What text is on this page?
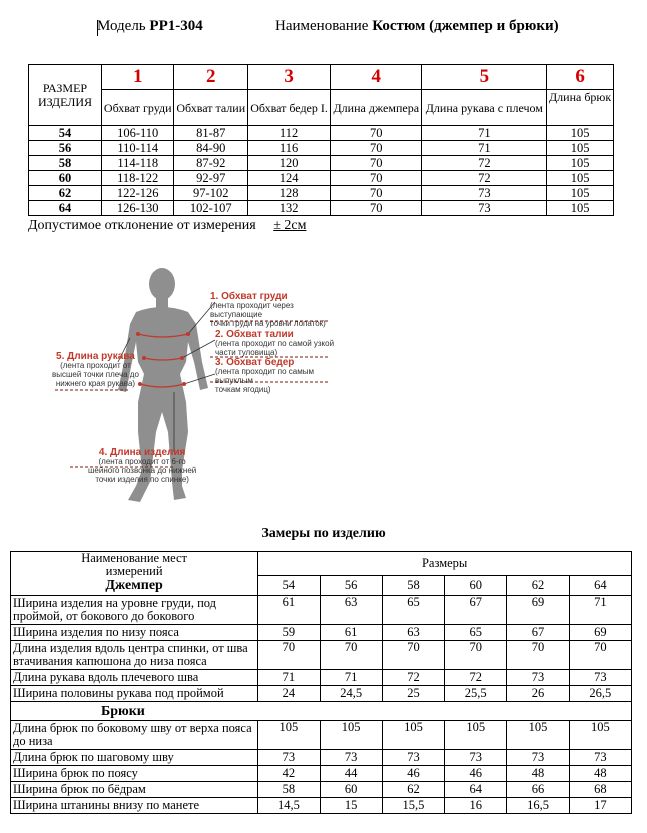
Модель PP1-304	Наименование Костюм (джемпер и брюки)
РАЗМЕР ИЗДЕЛИЯ	1	2	3	4	5	6
	Обхват груди	Обхват талии	Обхват бедер I.	Длина джемпера	Длина рукава с плечом	Длина брюк
54	106-110	81-87	112	70	71	105
56	110-114	84-90	116	70	71	105
58	114-118	87-92	120	70	72	105
60	118-122	92-97	124	70	72	105
62	122-126	97-102	128	70	73	105
64	126-130	102-107	132	70	73	105
Допустимое отклонение от измерения ± 2см
1. Обхват груди
(лента проходит через выступающие
точки груди на уровни лопаток)
2. Обхват талии
(лента проходит по самой узкой
части туловища)
3. Обхват бедер
(лента проходит по самым выпуклым
точкам ягодиц)
4. Длина изделия
(лента проходит от 6-го
шейного позвонка до нижней
точки изделия по спинке)
5. Длина рукава
(лента проходит от
высшей точки плеча до
нижнего края рукава)
Замеры по изделию
Наименование мест измерений
Джемпер	Размеры					
	54	56	58	60	62	64
Ширина изделия на уровне груди, под проймой, от бокового до бокового	61	63	65	67	69	71
Ширина изделия по низу пояса	59	61	63	65	67	69
Длина изделия вдоль центра спинки, от шва втачивания капюшона до низа пояса	70	70	70	70	70	70
Длина рукава вдоль плечевого шва	71	71	72	72	73	73
Ширина половины рукава под проймой	24	24,5	25	25,5	26	26,5
Брюки						
Длина брюк по боковому шву от верха пояса до низа	105	105	105	105	105	105
Длина брюк по шаговому шву	73	73	73	73	73	73
Ширина брюк по поясу	42	44	46	46	48	48
Ширина брюк по бёдрам	58	60	62	64	66	68
Ширина штанины внизу по манете	14,5	15	15,5	16	16,5	17
